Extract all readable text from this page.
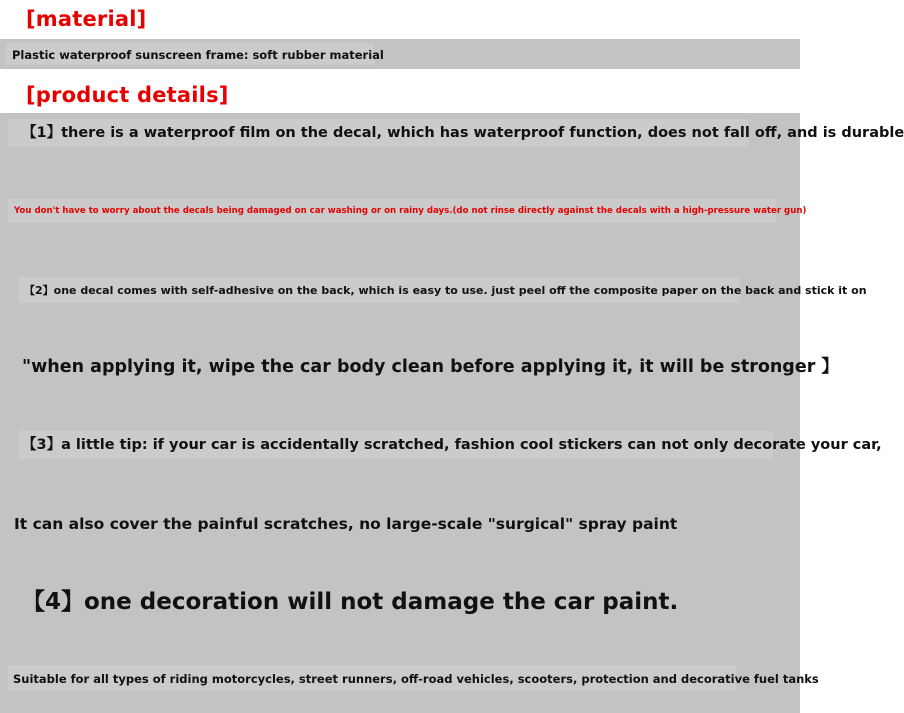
[material]

Plastic waterproof sunscreen frame: soft rubber material

[product details]

【1】there is a waterproof film on the decal, which has waterproof function, does not fall off, and is durable

You don't have to worry about the decals being damaged on car washing or on rainy days.(do not rinse directly against the decals with a high-pressure water gun)

【2】one decal comes with self-adhesive on the back, which is easy to use. just peel off the composite paper on the back and stick it on

"when applying it, wipe the car body clean before applying it, it will be stronger 】

【3】a little tip: if your car is accidentally scratched, fashion cool stickers can not only decorate your car,

It can also cover the painful scratches, no large-scale "surgical" spray paint

【4】one decoration will not damage the car paint.

Suitable for all types of riding motorcycles, street runners, off-road vehicles, scooters, protection and decorative fuel tanks
